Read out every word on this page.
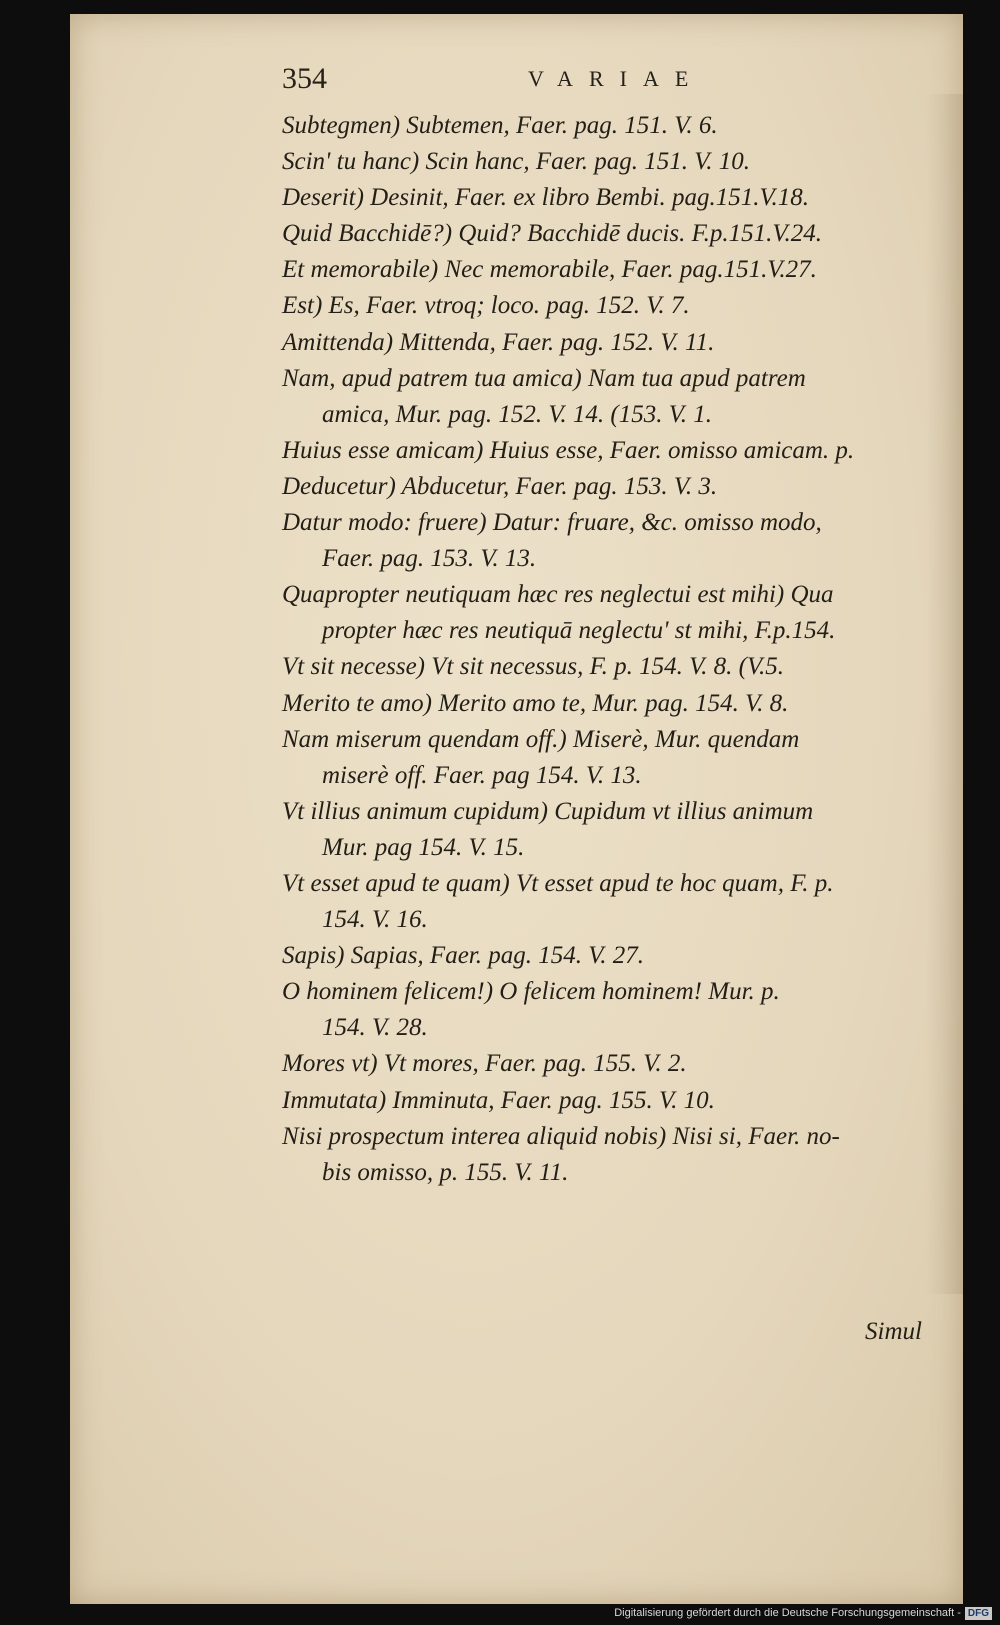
354	VARIAE
Subtegmen) Subtemen, Faer. pag. 151. V. 6.
Scin' tu hanc) Scin hanc, Faer. pag. 151. V. 10.
Deserit) Desinit, Faer. ex libro Bembi. pag.151.V.18.
Quid Bacchidē?) Quid? Bacchidē ducis. F.p.151.V.24.
Et memorabile) Nec memorabile, Faer. pag.151.V.27.
Est) Es, Faer. vtroq; loco. pag. 152. V. 7.
Amittenda) Mittenda, Faer. pag. 152. V. 11.
Nam, apud patrem tua amica) Nam tua apud patrem
amica, Mur. pag. 152. V. 14. (153. V. 1.
Huius esse amicam) Huius esse, Faer. omisso amicam. p.
Deducetur) Abducetur, Faer. pag. 153. V. 3.
Datur modo: fruere) Datur: fruare, &c. omisso modo,
Faer. pag. 153. V. 13.
Quapropter neutiquam hæc res neglectui est mihi) Qua
propter hæc res neutiquā neglectu' st mihi, F.p.154.
Vt sit necesse) Vt sit necessus, F. p. 154. V. 8. (V.5.
Merito te amo) Merito amo te, Mur. pag. 154. V. 8.
Nam miserum quendam off.) Miserè, Mur. quendam
miserè off. Faer. pag 154. V. 13.
Vt illius animum cupidum) Cupidum vt illius animum
Mur. pag 154. V. 15.
Vt esset apud te quam) Vt esset apud te hoc quam, F. p.
154. V. 16.
Sapis) Sapias, Faer. pag. 154. V. 27.
O hominem felicem!) O felicem hominem! Mur. p.
154. V. 28.
Mores vt) Vt mores, Faer. pag. 155. V. 2.
Immutata) Imminuta, Faer. pag. 155. V. 10.
Nisi prospectum interea aliquid nobis) Nisi si, Faer. no-
bis omisso, p. 155. V. 11.
Simul
Digitalisierung gefördert durch die Deutsche Forschungsgemeinschaft - DFG
